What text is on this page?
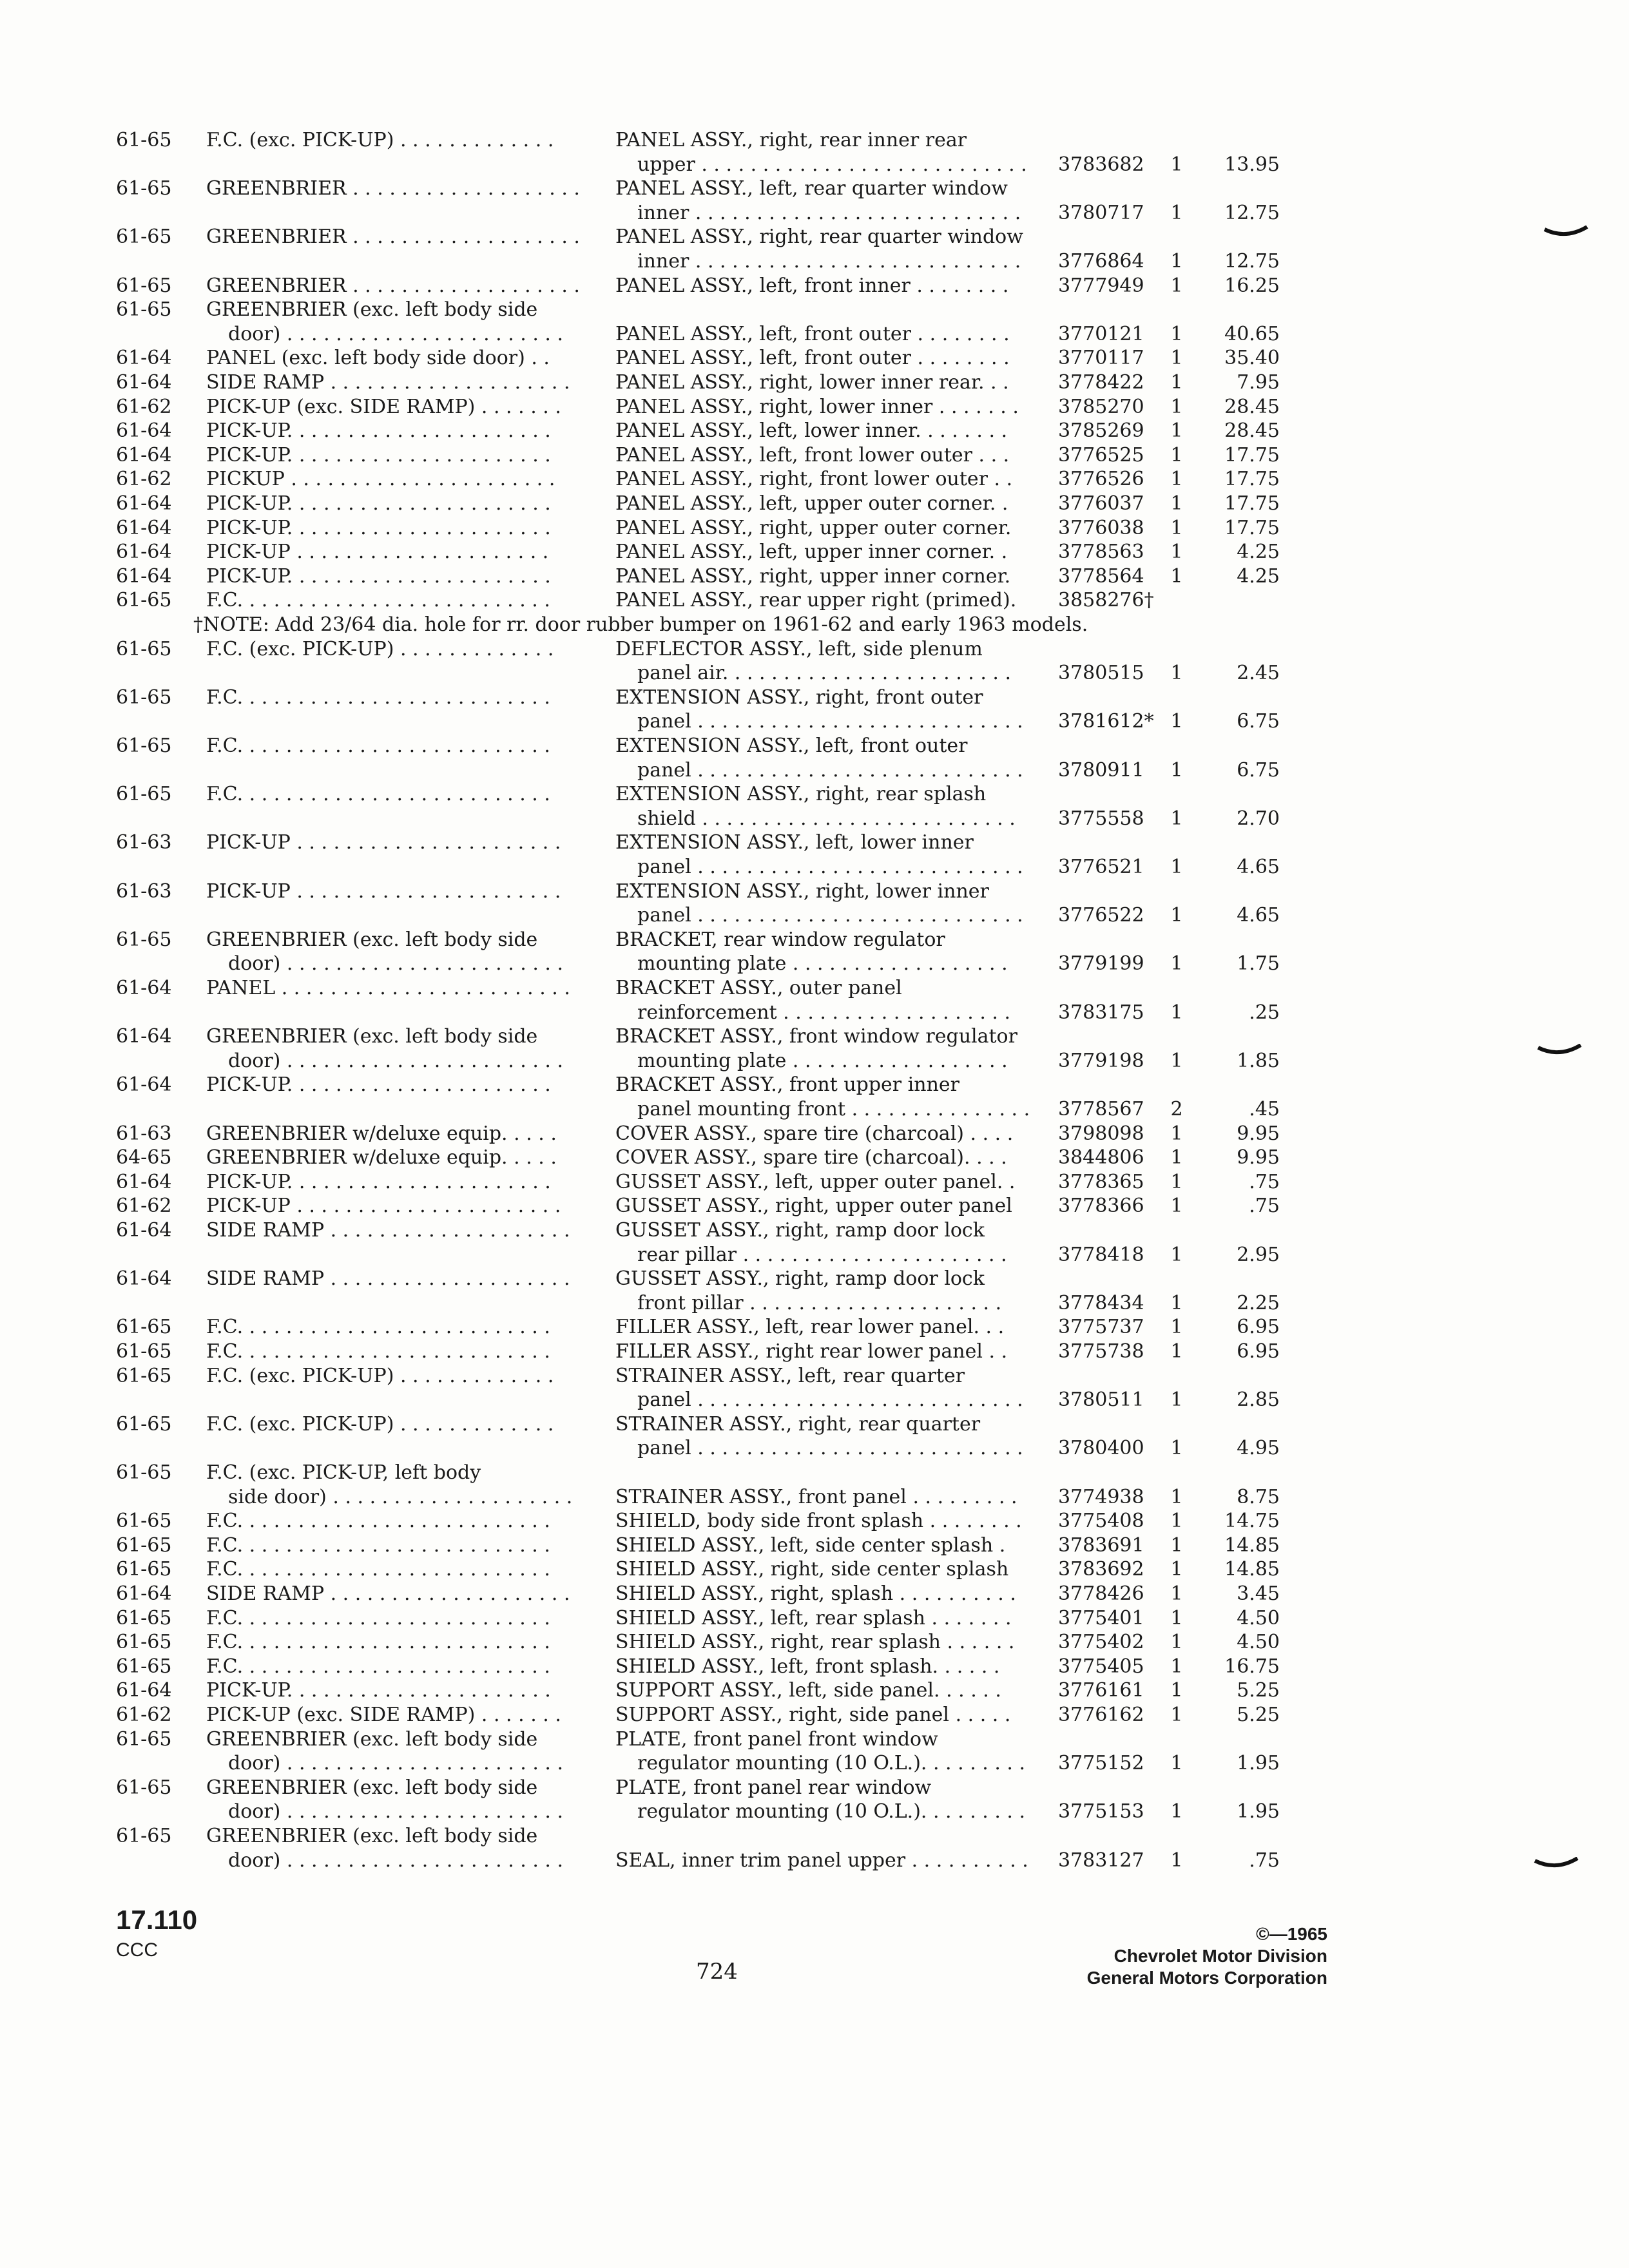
61-65	F.C. (exc. PICK-UP) . . . . . . . . . . . . .	PANEL ASSY., right, rear inner rear
upper . . . . . . . . . . . . . . . . . . . . . . . . . . .	3783682	1	13.95
61-65	GREENBRIER . . . . . . . . . . . . . . . . . . .	PANEL ASSY., left, rear quarter window
inner . . . . . . . . . . . . . . . . . . . . . . . . . . .	3780717	1	12.75
61-65	GREENBRIER . . . . . . . . . . . . . . . . . . .	PANEL ASSY., right, rear quarter window
inner . . . . . . . . . . . . . . . . . . . . . . . . . . .	3776864	1	12.75
61-65	GREENBRIER . . . . . . . . . . . . . . . . . . .	PANEL ASSY., left, front inner . . . . . . . .	3777949	1	16.25
61-65	GREENBRIER (exc. left body side
door) . . . . . . . . . . . . . . . . . . . . . . .	PANEL ASSY., left, front outer . . . . . . . .	3770121	1	40.65
61-64	PANEL (exc. left body side door) . .	PANEL ASSY., left, front outer . . . . . . . .	3770117	1	35.40
61-64	SIDE RAMP . . . . . . . . . . . . . . . . . . . .	PANEL ASSY., right, lower inner rear. . .	3778422	1	7.95
61-62	PICK-UP (exc. SIDE RAMP) . . . . . . .	PANEL ASSY., right, lower inner . . . . . . .	3785270	1	28.45
61-64	PICK-UP. . . . . . . . . . . . . . . . . . . . . .	PANEL ASSY., left, lower inner. . . . . . . .	3785269	1	28.45
61-64	PICK-UP. . . . . . . . . . . . . . . . . . . . . .	PANEL ASSY., left, front lower outer . . .	3776525	1	17.75
61-62	PICKUP . . . . . . . . . . . . . . . . . . . . . .	PANEL ASSY., right, front lower outer . .	3776526	1	17.75
61-64	PICK-UP. . . . . . . . . . . . . . . . . . . . . .	PANEL ASSY., left, upper outer corner. .	3776037	1	17.75
61-64	PICK-UP. . . . . . . . . . . . . . . . . . . . . .	PANEL ASSY., right, upper outer corner.	3776038	1	17.75
61-64	PICK-UP . . . . . . . . . . . . . . . . . . . . .	PANEL ASSY., left, upper inner corner. .	3778563	1	4.25
61-64	PICK-UP. . . . . . . . . . . . . . . . . . . . . .	PANEL ASSY., right, upper inner corner.	3778564	1	4.25
61-65	F.C. . . . . . . . . . . . . . . . . . . . . . . . . .	PANEL ASSY., rear upper right (primed).	3858276†
†NOTE: Add 23/64 dia. hole for rr. door rubber bumper on 1961-62 and early 1963 models.
61-65	F.C. (exc. PICK-UP) . . . . . . . . . . . . .	DEFLECTOR ASSY., left, side plenum
panel air. . . . . . . . . . . . . . . . . . . . . . . .	3780515	1	2.45
61-65	F.C. . . . . . . . . . . . . . . . . . . . . . . . . .	EXTENSION ASSY., right, front outer
panel . . . . . . . . . . . . . . . . . . . . . . . . . . .	3781612* 1	6.75
61-65	F.C. . . . . . . . . . . . . . . . . . . . . . . . . .	EXTENSION ASSY., left, front outer
panel . . . . . . . . . . . . . . . . . . . . . . . . . . .	3780911	1	6.75
61-65	F.C. . . . . . . . . . . . . . . . . . . . . . . . . .	EXTENSION ASSY., right, rear splash
shield . . . . . . . . . . . . . . . . . . . . . . . . . .	3775558	1	2.70
61-63	PICK-UP . . . . . . . . . . . . . . . . . . . . . .	EXTENSION ASSY., left, lower inner
panel . . . . . . . . . . . . . . . . . . . . . . . . . . .	3776521	1	4.65
61-63	PICK-UP . . . . . . . . . . . . . . . . . . . . . .	EXTENSION ASSY., right, lower inner
panel . . . . . . . . . . . . . . . . . . . . . . . . . . .	3776522	1	4.65
61-65	GREENBRIER (exc. left body side	BRACKET, rear window regulator
door) . . . . . . . . . . . . . . . . . . . . . . .	mounting plate . . . . . . . . . . . . . . . . . .	3779199	1	1.75
61-64	PANEL . . . . . . . . . . . . . . . . . . . . . . . .	BRACKET ASSY., outer panel
reinforcement . . . . . . . . . . . . . . . . . . .	3783175	1	.25
61-64	GREENBRIER (exc. left body side	BRACKET ASSY., front window regulator
door) . . . . . . . . . . . . . . . . . . . . . . .	mounting plate . . . . . . . . . . . . . . . . . .	3779198	1	1.85
61-64	PICK-UP. . . . . . . . . . . . . . . . . . . . . .	BRACKET ASSY., front upper inner
panel mounting front . . . . . . . . . . . . . . .	3778567	2	.45
61-63	GREENBRIER w/deluxe equip. . . . .	COVER ASSY., spare tire (charcoal) . . . .	3798098	1	9.95
64-65	GREENBRIER w/deluxe equip. . . . .	COVER ASSY., spare tire (charcoal). . . .	3844806	1	9.95
61-64	PICK-UP. . . . . . . . . . . . . . . . . . . . . .	GUSSET ASSY., left, upper outer panel. .	3778365	1	.75
61-62	PICK-UP . . . . . . . . . . . . . . . . . . . . . .	GUSSET ASSY., right, upper outer panel	3778366	1	.75
61-64	SIDE RAMP . . . . . . . . . . . . . . . . . . . .	GUSSET ASSY., right, ramp door lock
rear pillar . . . . . . . . . . . . . . . . . . . . . .	3778418	1	2.95
61-64	SIDE RAMP . . . . . . . . . . . . . . . . . . . .	GUSSET ASSY., right, ramp door lock
front pillar . . . . . . . . . . . . . . . . . . . . .	3778434	1	2.25
61-65	F.C. . . . . . . . . . . . . . . . . . . . . . . . . .	FILLER ASSY., left, rear lower panel. . .	3775737	1	6.95
61-65	F.C. . . . . . . . . . . . . . . . . . . . . . . . . .	FILLER ASSY., right rear lower panel . .	3775738	1	6.95
61-65	F.C. (exc. PICK-UP) . . . . . . . . . . . . .	STRAINER ASSY., left, rear quarter
panel . . . . . . . . . . . . . . . . . . . . . . . . . . .	3780511	1	2.85
61-65	F.C. (exc. PICK-UP) . . . . . . . . . . . . .	STRAINER ASSY., right, rear quarter
panel . . . . . . . . . . . . . . . . . . . . . . . . . . .	3780400	1	4.95
61-65	F.C. (exc. PICK-UP, left body
side door) . . . . . . . . . . . . . . . . . . . .	STRAINER ASSY., front panel . . . . . . . . .	3774938	1	8.75
61-65	F.C. . . . . . . . . . . . . . . . . . . . . . . . . .	SHIELD, body side front splash . . . . . . . .	3775408	1	14.75
61-65	F.C. . . . . . . . . . . . . . . . . . . . . . . . . .	SHIELD ASSY., left, side center splash .	3783691	1	14.85
61-65	F.C. . . . . . . . . . . . . . . . . . . . . . . . . .	SHIELD ASSY., right, side center splash	3783692	1	14.85
61-64	SIDE RAMP . . . . . . . . . . . . . . . . . . . .	SHIELD ASSY., right, splash . . . . . . . . . .	3778426	1	3.45
61-65	F.C. . . . . . . . . . . . . . . . . . . . . . . . . .	SHIELD ASSY., left, rear splash . . . . . . .	3775401	1	4.50
61-65	F.C. . . . . . . . . . . . . . . . . . . . . . . . . .	SHIELD ASSY., right, rear splash . . . . . .	3775402	1	4.50
61-65	F.C. . . . . . . . . . . . . . . . . . . . . . . . . .	SHIELD ASSY., left, front splash. . . . . .	3775405	1	16.75
61-64	PICK-UP. . . . . . . . . . . . . . . . . . . . . .	SUPPORT ASSY., left, side panel. . . . . .	3776161	1	5.25
61-62	PICK-UP (exc. SIDE RAMP) . . . . . . .	SUPPORT ASSY., right, side panel . . . . .	3776162	1	5.25
61-65	GREENBRIER (exc. left body side	PLATE, front panel front window
door) . . . . . . . . . . . . . . . . . . . . . . .	regulator mounting (10 O.L.). . . . . . . . .	3775152	1	1.95
61-65	GREENBRIER (exc. left body side	PLATE, front panel rear window
door) . . . . . . . . . . . . . . . . . . . . . . .	regulator mounting (10 O.L.). . . . . . . . .	3775153	1	1.95
61-65	GREENBRIER (exc. left body side
door) . . . . . . . . . . . . . . . . . . . . . . .	SEAL, inner trim panel upper . . . . . . . . . .	3783127	1	.75
17.110
CCC
724
©—1965
Chevrolet Motor Division
General Motors Corporation
